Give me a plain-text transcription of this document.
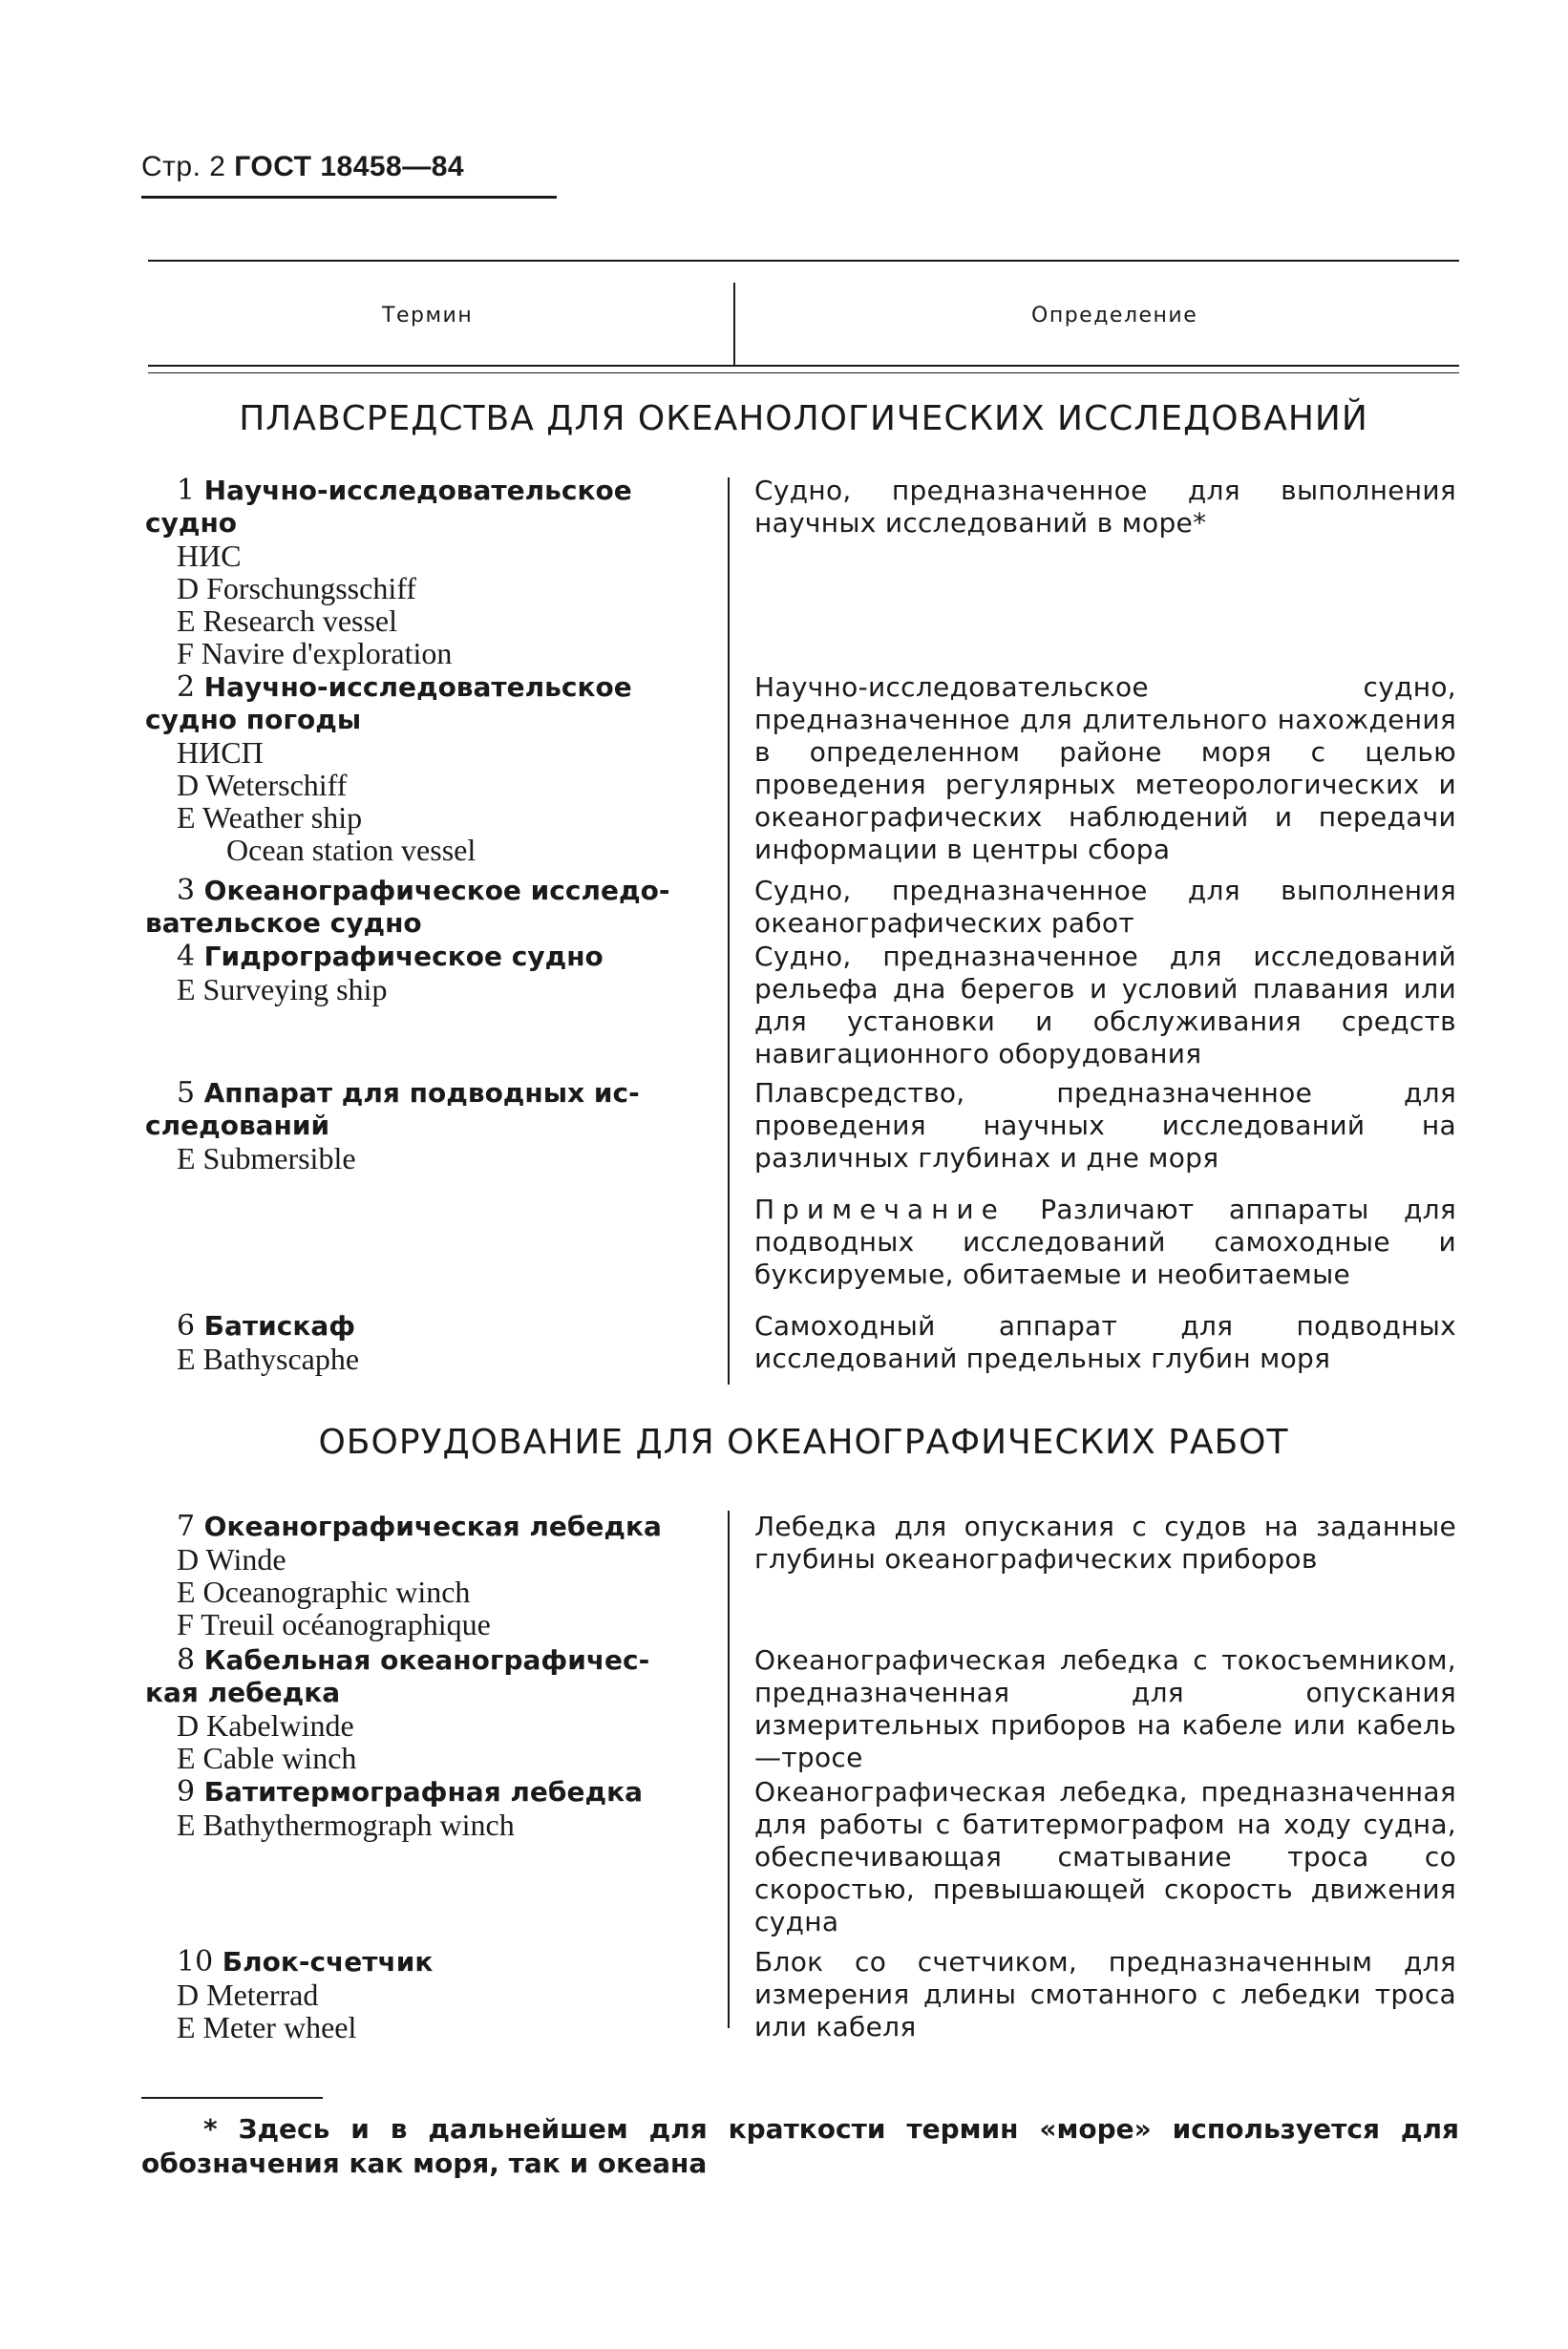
Стр. 2 ГОСТ 18458—84
Термин	Определение
ПЛАВСРЕДСТВА ДЛЯ ОКЕАНОЛОГИЧЕСКИХ ИССЛЕДОВАНИЙ
1 Научно-исследовательское
судно
НИС
D Forschungsschiff
E Research vessel
F Navire d'exploration
Судно, предназначенное для выполнения научных исследований в море*
2 Научно-исследовательское
судно погоды
НИСП
D Weterschiff
E Weather ship
Ocean station vessel
Научно-исследовательское судно, предназначенное для длительного нахождения в определенном районе моря с целью проведения регулярных метеорологических и океанографических наблюдений и передачи информации в центры сбора
3 Океанографическое исследо-
вательское судно
Судно, предназначенное для выполнения океанографических работ
4 Гидрографическое судно
E Surveying ship
Судно, предназначенное для исследований рельефа дна берегов и условий плавания или для установки и обслуживания средств навигационного оборудования
5 Аппарат для подводных ис-
следований
E Submersible
Плавсредство, предназначенное для проведения научных исследований на различных глубинах и дне моря
Примечание Различают аппараты для подводных исследований самоходные и буксируемые, обитаемые и необитаемые
6 Батискаф
E Bathyscaphe
Самоходный аппарат для подводных исследований предельных глубин моря
ОБОРУДОВАНИЕ ДЛЯ ОКЕАНОГРАФИЧЕСКИХ РАБОТ
7 Океанографическая лебедка
D Winde
E Oceanographic winch
F Treuil océanographique
Лебедка для опускания с судов на заданные глубины океанографических приборов
8 Кабельная океанографичес-
кая лебедка
D Kabelwinde
E Cable winch
Океанографическая лебедка с токосъемником, предназначенная для опускания измерительных приборов на кабеле или кабель—тросе
9 Батитермографная лебедка
E Bathythermograph winch
Океанографическая лебедка, предназначенная для работы с батитермографом на ходу судна, обеспечивающая сматывание троса со скоростью, превышающей скорость движения судна
10 Блок-счетчик
D Meterrad
E Meter wheel
Блок со счетчиком, предназначенным для измерения длины смотанного с лебедки троса или кабеля
* Здесь и в дальнейшем для краткости термин «море» используется для обозначения как моря, так и океана
